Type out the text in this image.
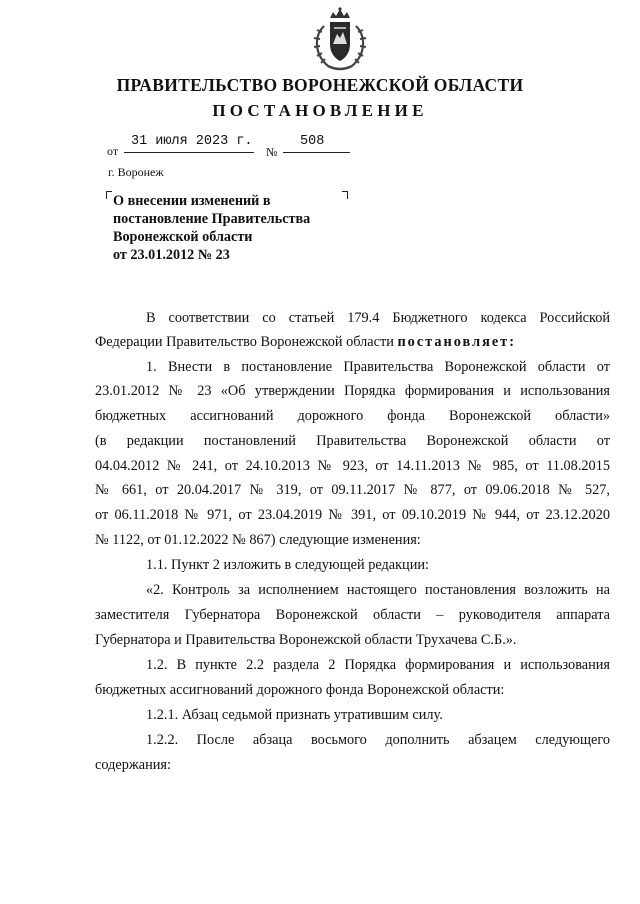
ПРАВИТЕЛЬСТВО ВОРОНЕЖСКОЙ ОБЛАСТИ
ПОСТАНОВЛЕНИЕ
от
31 июля 2023 г.
№
508
г. Воронеж
О внесении изменений в
постановление Правительства
Воронежской области
от 23.01.2012 № 23
В соответствии со статьей 179.4 Бюджетного кодекса Российской
Федерации Правительство Воронежской области постановляет:
1. Внести в постановление Правительства Воронежской области от
23.01.2012 № 23 «Об утверждении Порядка формирования и использования
бюджетных ассигнований дорожного фонда Воронежской области»
(в редакции постановлений Правительства Воронежской области от
04.04.2012 № 241, от 24.10.2013 № 923, от 14.11.2013 № 985, от 11.08.2015
№ 661, от 20.04.2017 № 319, от 09.11.2017 № 877, от 09.06.2018 № 527,
от 06.11.2018 № 971, от 23.04.2019 № 391, от 09.10.2019 № 944, от 23.12.2020
№ 1122, от 01.12.2022 № 867) следующие изменения:
1.1. Пункт 2 изложить в следующей редакции:
«2. Контроль за исполнением настоящего постановления возложить на
заместителя Губернатора Воронежской области – руководителя аппарата
Губернатора и Правительства Воронежской области Трухачева С.Б.».
1.2. В пункте 2.2 раздела 2 Порядка формирования и использования
бюджетных ассигнований дорожного фонда Воронежской области:
1.2.1. Абзац седьмой признать утратившим силу.
1.2.2. После абзаца восьмого дополнить абзацем следующего
содержания:
